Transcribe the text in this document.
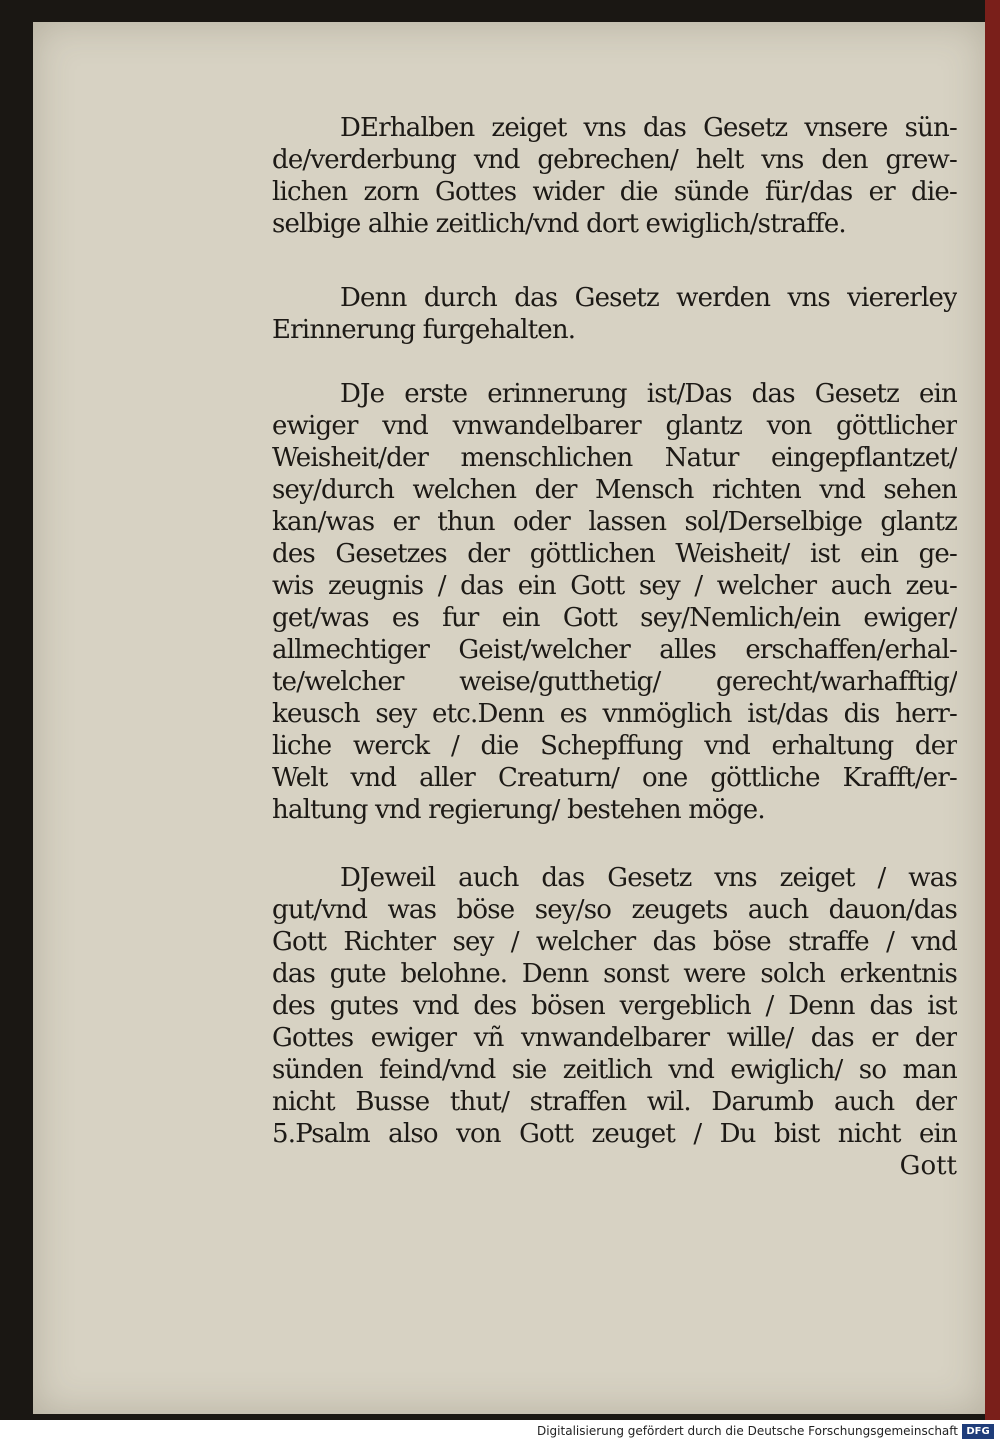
DErhalben zeiget vns das Gesetz vnsere sün-
de/verderbung vnd gebrechen/ helt vns den grew-
lichen zorn Gottes wider die sünde für/das er die-
selbige alhie zeitlich/vnd dort ewiglich/straffe.
Denn durch das Gesetz werden vns viererley
Erinnerung furgehalten.
DJe erste erinnerung ist/Das das Gesetz ein
ewiger vnd vnwandelbarer glantz von göttlicher
Weisheit/der menschlichen Natur eingepflantzet/
sey/durch welchen der Mensch richten vnd sehen
kan/was er thun oder lassen sol/Derselbige glantz
des Gesetzes der göttlichen Weisheit/ ist ein ge-
wis zeugnis / das ein Gott sey / welcher auch zeu-
get/was es fur ein Gott sey/Nemlich/ein ewiger/
allmechtiger Geist/welcher alles erschaffen/erhal-
te/welcher weise/gutthetig/ gerecht/warhafftig/
keusch sey etc.Denn es vnmöglich ist/das dis herr-
liche werck / die Schepffung vnd erhaltung der
Welt vnd aller Creaturn/ one göttliche Krafft/er-
haltung vnd regierung/ bestehen möge.
DJeweil auch das Gesetz vns zeiget / was
gut/vnd was böse sey/so zeugets auch dauon/das
Gott Richter sey / welcher das böse straffe / vnd
das gute belohne. Denn sonst were solch erkentnis
des gutes vnd des bösen vergeblich / Denn das ist
Gottes ewiger vñ vnwandelbarer wille/ das er der
sünden feind/vnd sie zeitlich vnd ewiglich/ so man
nicht Busse thut/ straffen wil. Darumb auch der
5.Psalm also von Gott zeuget / Du bist nicht ein
Gott
Digitalisierung gefördert durch die Deutsche Forschungsgemeinschaft DFG
